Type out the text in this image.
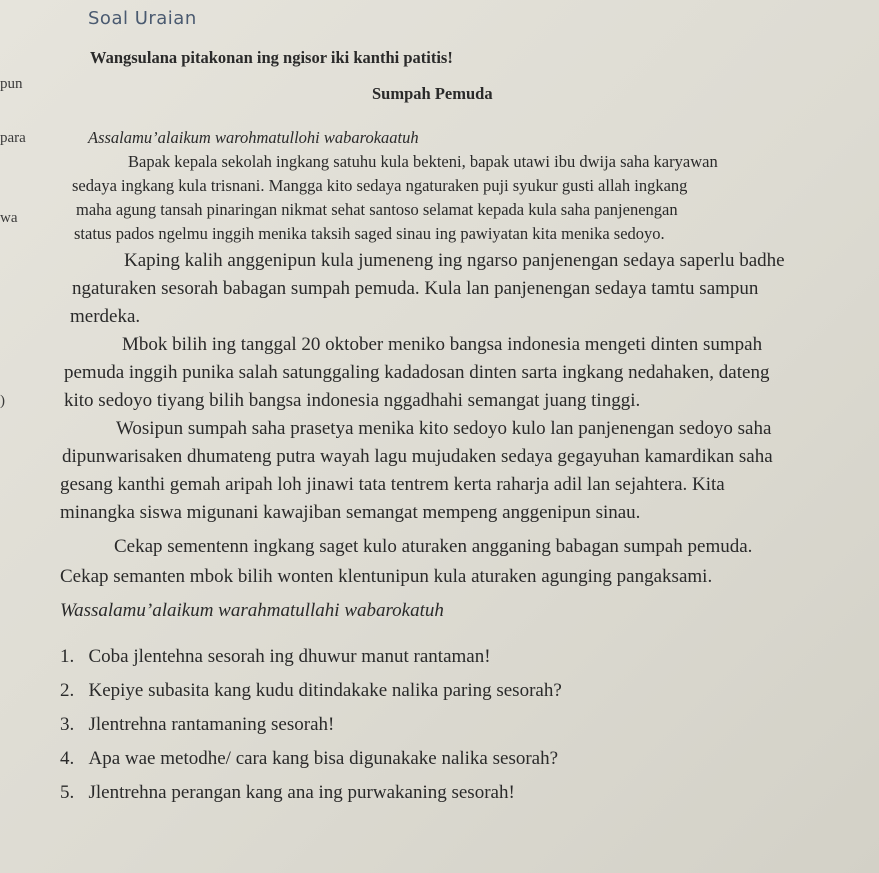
pun
para
wa
)
Soal Uraian
Wangsulana pitakonan ing ngisor iki kanthi patitis!
Sumpah Pemuda
Assalamu’alaikum warohmatullohi wabarokaatuh
Bapak kepala sekolah ingkang satuhu kula bekteni, bapak utawi ibu dwija saha karyawan
sedaya ingkang kula trisnani. Mangga kito sedaya ngaturaken puji syukur gusti allah ingkang
maha agung tansah pinaringan nikmat sehat santoso selamat kepada kula saha panjenengan
status pados ngelmu inggih menika taksih saged sinau ing pawiyatan kita menika sedoyo.
Kaping kalih anggenipun kula jumeneng ing ngarso panjenengan sedaya saperlu badhe
ngaturaken sesorah babagan sumpah pemuda. Kula lan panjenengan sedaya tamtu sampun
merdeka.
Mbok bilih ing tanggal 20 oktober meniko bangsa indonesia mengeti dinten sumpah
pemuda inggih punika salah satunggaling kadadosan dinten sarta ingkang nedahaken, dateng
kito sedoyo tiyang bilih bangsa indonesia nggadhahi semangat juang tinggi.
Wosipun sumpah saha prasetya menika kito sedoyo kulo lan panjenengan sedoyo saha
dipunwarisaken dhumateng putra wayah lagu mujudaken sedaya gegayuhan kamardikan saha
gesang kanthi gemah aripah loh jinawi tata tentrem kerta raharja adil lan sejahtera. Kita
minangka siswa migunani kawajiban semangat mempeng anggenipun sinau.
Cekap sementenn ingkang saget kulo aturaken angganing babagan sumpah pemuda.
Cekap semanten mbok bilih wonten klentunipun kula aturaken agunging pangaksami.
Wassalamu’alaikum warahmatullahi wabarokatuh
1. Coba jlentehna sesorah ing dhuwur manut rantaman!
2. Kepiye subasita kang kudu ditindakake nalika paring sesorah?
3. Jlentrehna rantamaning sesorah!
4. Apa wae metodhe/ cara kang bisa digunakake nalika sesorah?
5. Jlentrehna perangan kang ana ing purwakaning sesorah!
